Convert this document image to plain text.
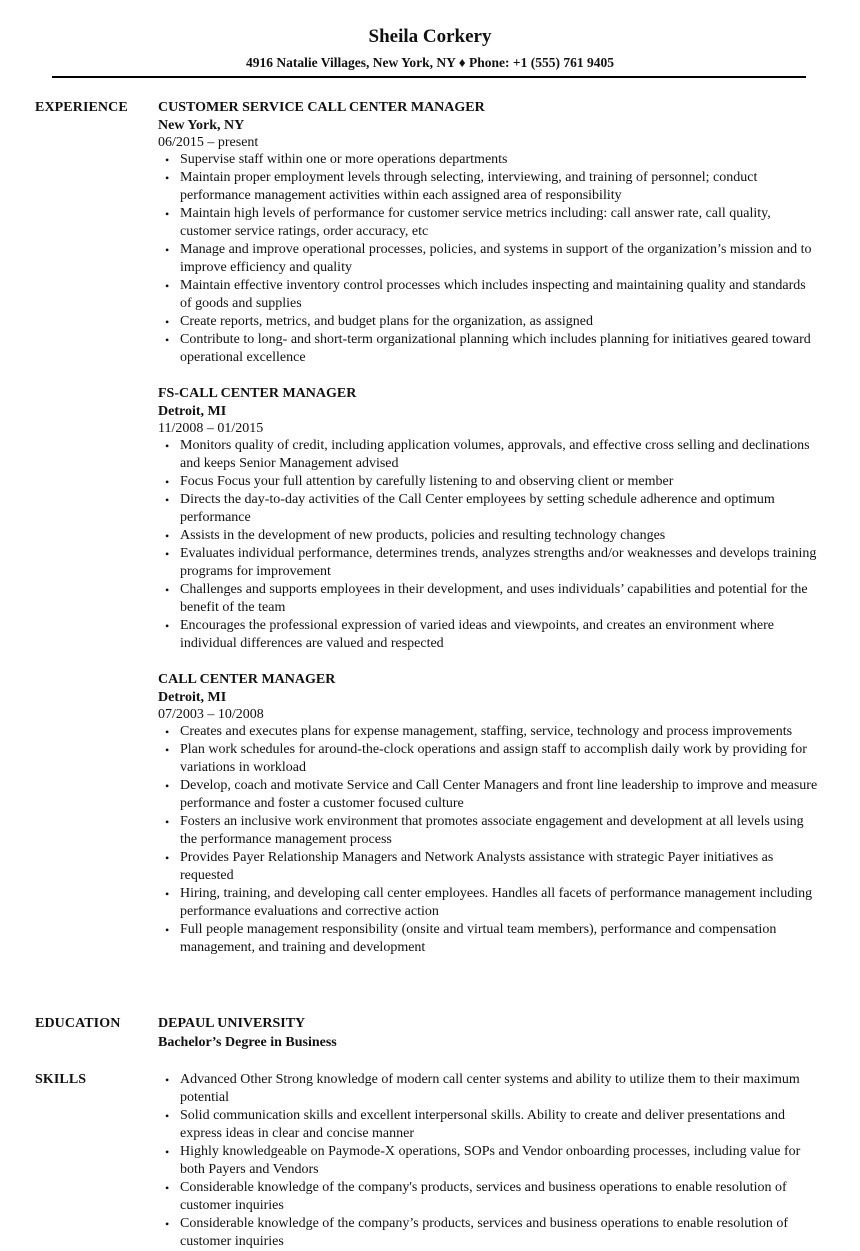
Sheila Corkery
4916 Natalie Villages, New York, NY ♦ Phone: +1 (555) 761 9405
EXPERIENCE CUSTOMER SERVICE CALL CENTER MANAGER

New York, NY

06/2015 – present

• Supervise staff within one or more operations departments
• Maintain proper employment levels through selecting, interviewing, and training of personnel; conduct performance management activities within each assigned area of responsibility
• Maintain high levels of performance for customer service metrics including: call answer rate, call quality, customer service ratings, order accuracy, etc
• Manage and improve operational processes, policies, and systems in support of the organization’s mission and to improve efficiency and quality
• Maintain effective inventory control processes which includes inspecting and maintaining quality and standards of goods and supplies
• Create reports, metrics, and budget plans for the organization, as assigned
• Contribute to long- and short-term organizational planning which includes planning for initiatives geared toward operational excellence

FS-CALL CENTER MANAGER

Detroit, MI

11/2008 – 01/2015

• Monitors quality of credit, including application volumes, approvals, and effective cross selling and declinations and keeps Senior Management advised
• Focus Focus your full attention by carefully listening to and observing client or member
• Directs the day-to-day activities of the Call Center employees by setting schedule adherence and optimum performance
• Assists in the development of new products, policies and resulting technology changes
• Evaluates individual performance, determines trends, analyzes strengths and/or weaknesses and develops training programs for improvement
• Challenges and supports employees in their development, and uses individuals’ capabilities and potential for the benefit of the team
• Encourages the professional expression of varied ideas and viewpoints, and creates an environment where individual differences are valued and respected

CALL CENTER MANAGER

Detroit, MI

07/2003 – 10/2008

• Creates and executes plans for expense management, staffing, service, technology and process improvements
• Plan work schedules for around-the-clock operations and assign staff to accomplish daily work by providing for variations in workload
• Develop, coach and motivate Service and Call Center Managers and front line leadership to improve and measure performance and foster a customer focused culture
• Fosters an inclusive work environment that promotes associate engagement and development at all levels using the performance management process
• Provides Payer Relationship Managers and Network Analysts assistance with strategic Payer initiatives as requested
• Hiring, training, and developing call center employees. Handles all facets of performance management including performance evaluations and corrective action
• Full people management responsibility (onsite and virtual team members), performance and compensation management, and training and development
EDUCATION	DEPAUL UNIVERSITY

Bachelor’s Degree in Business

SKILLS
•	Advanced Other Strong knowledge of modern call center systems and ability to utilize them to their maximum potential
• Solid communication skills and excellent interpersonal skills. Ability to create and deliver presentations and express ideas in clear and concise manner
• Highly knowledgeable on Paymode-X operations, SOPs and Vendor onboarding processes, including value for both Payers and Vendors
• Considerable knowledge of the company's products, services and business operations to enable resolution of customer inquiries
• Considerable knowledge of the company’s products, services and business operations to enable resolution of customer inquiries
